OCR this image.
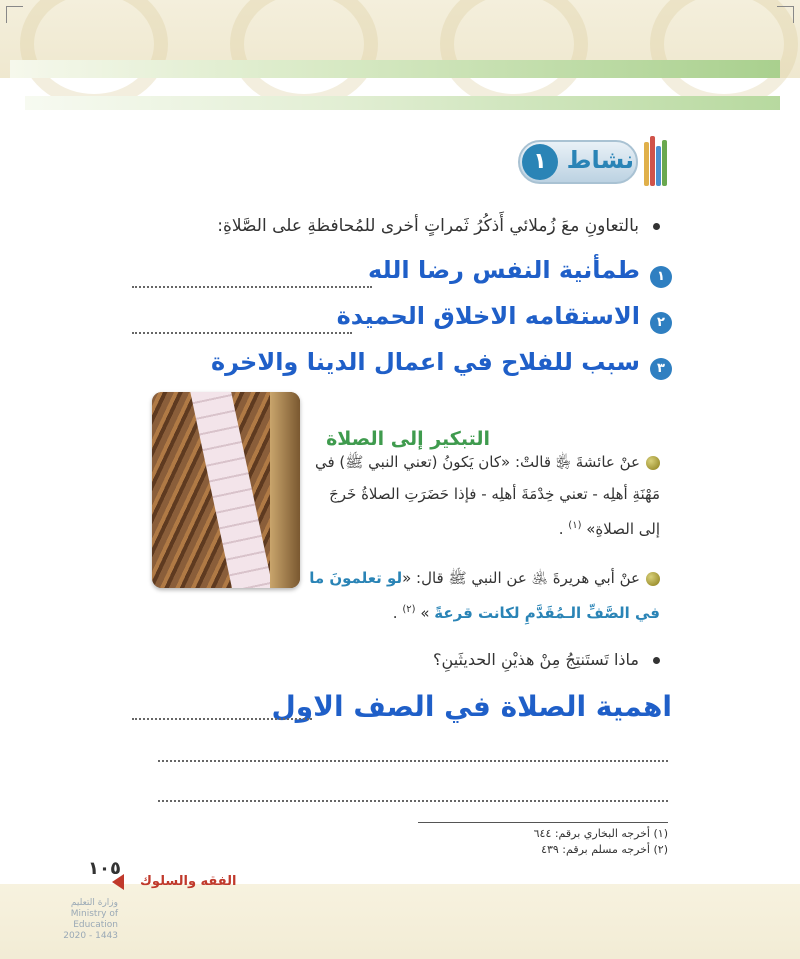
نشاط
١
بالتعاونِ معَ زُملائي أَذكُرُ ثَمراتٍ أخرى للمُحافظةِ على الصَّلاةِ:
١
طمأنية النفس رضا الله
٢
الاستقامه الاخلاق الحميدة
٣
سبب للفلاح في اعمال الدينا والاخرة
التبكير إلى الصلاة
عنْ عائشةَ ﵂ قالتْ: «كان يَكونُ (تعني النبي ﷺ) في
مَهْنَةِ أهلِه - تعني خِدْمَةَ أهلِه - فإذا حَضَرَتِ الصلاةُ خَرجَ
إلى الصلاةِ» $^{(١)}$ .
عنْ أبي هريرةَ ﵁ عن النبي ﷺ قال: «لو تعلمونَ ما
في الصَّفِّ الـمُقَدَّمِ لكانت قرعةً » $^{(٢)}$ .
ماذا تَستَنتِجُ مِنْ هذيْنِ الحديثَينِ؟
اهمية الصلاة في الصف الاول
(١) أخرجه البخاري برقم: ٦٤٤
(٢) أخرجه مسلم برقم: ٤٣٩
١٠٥
الفقه والسلوك
وزارة التعليم
Ministry of Education
2020 - 1443
